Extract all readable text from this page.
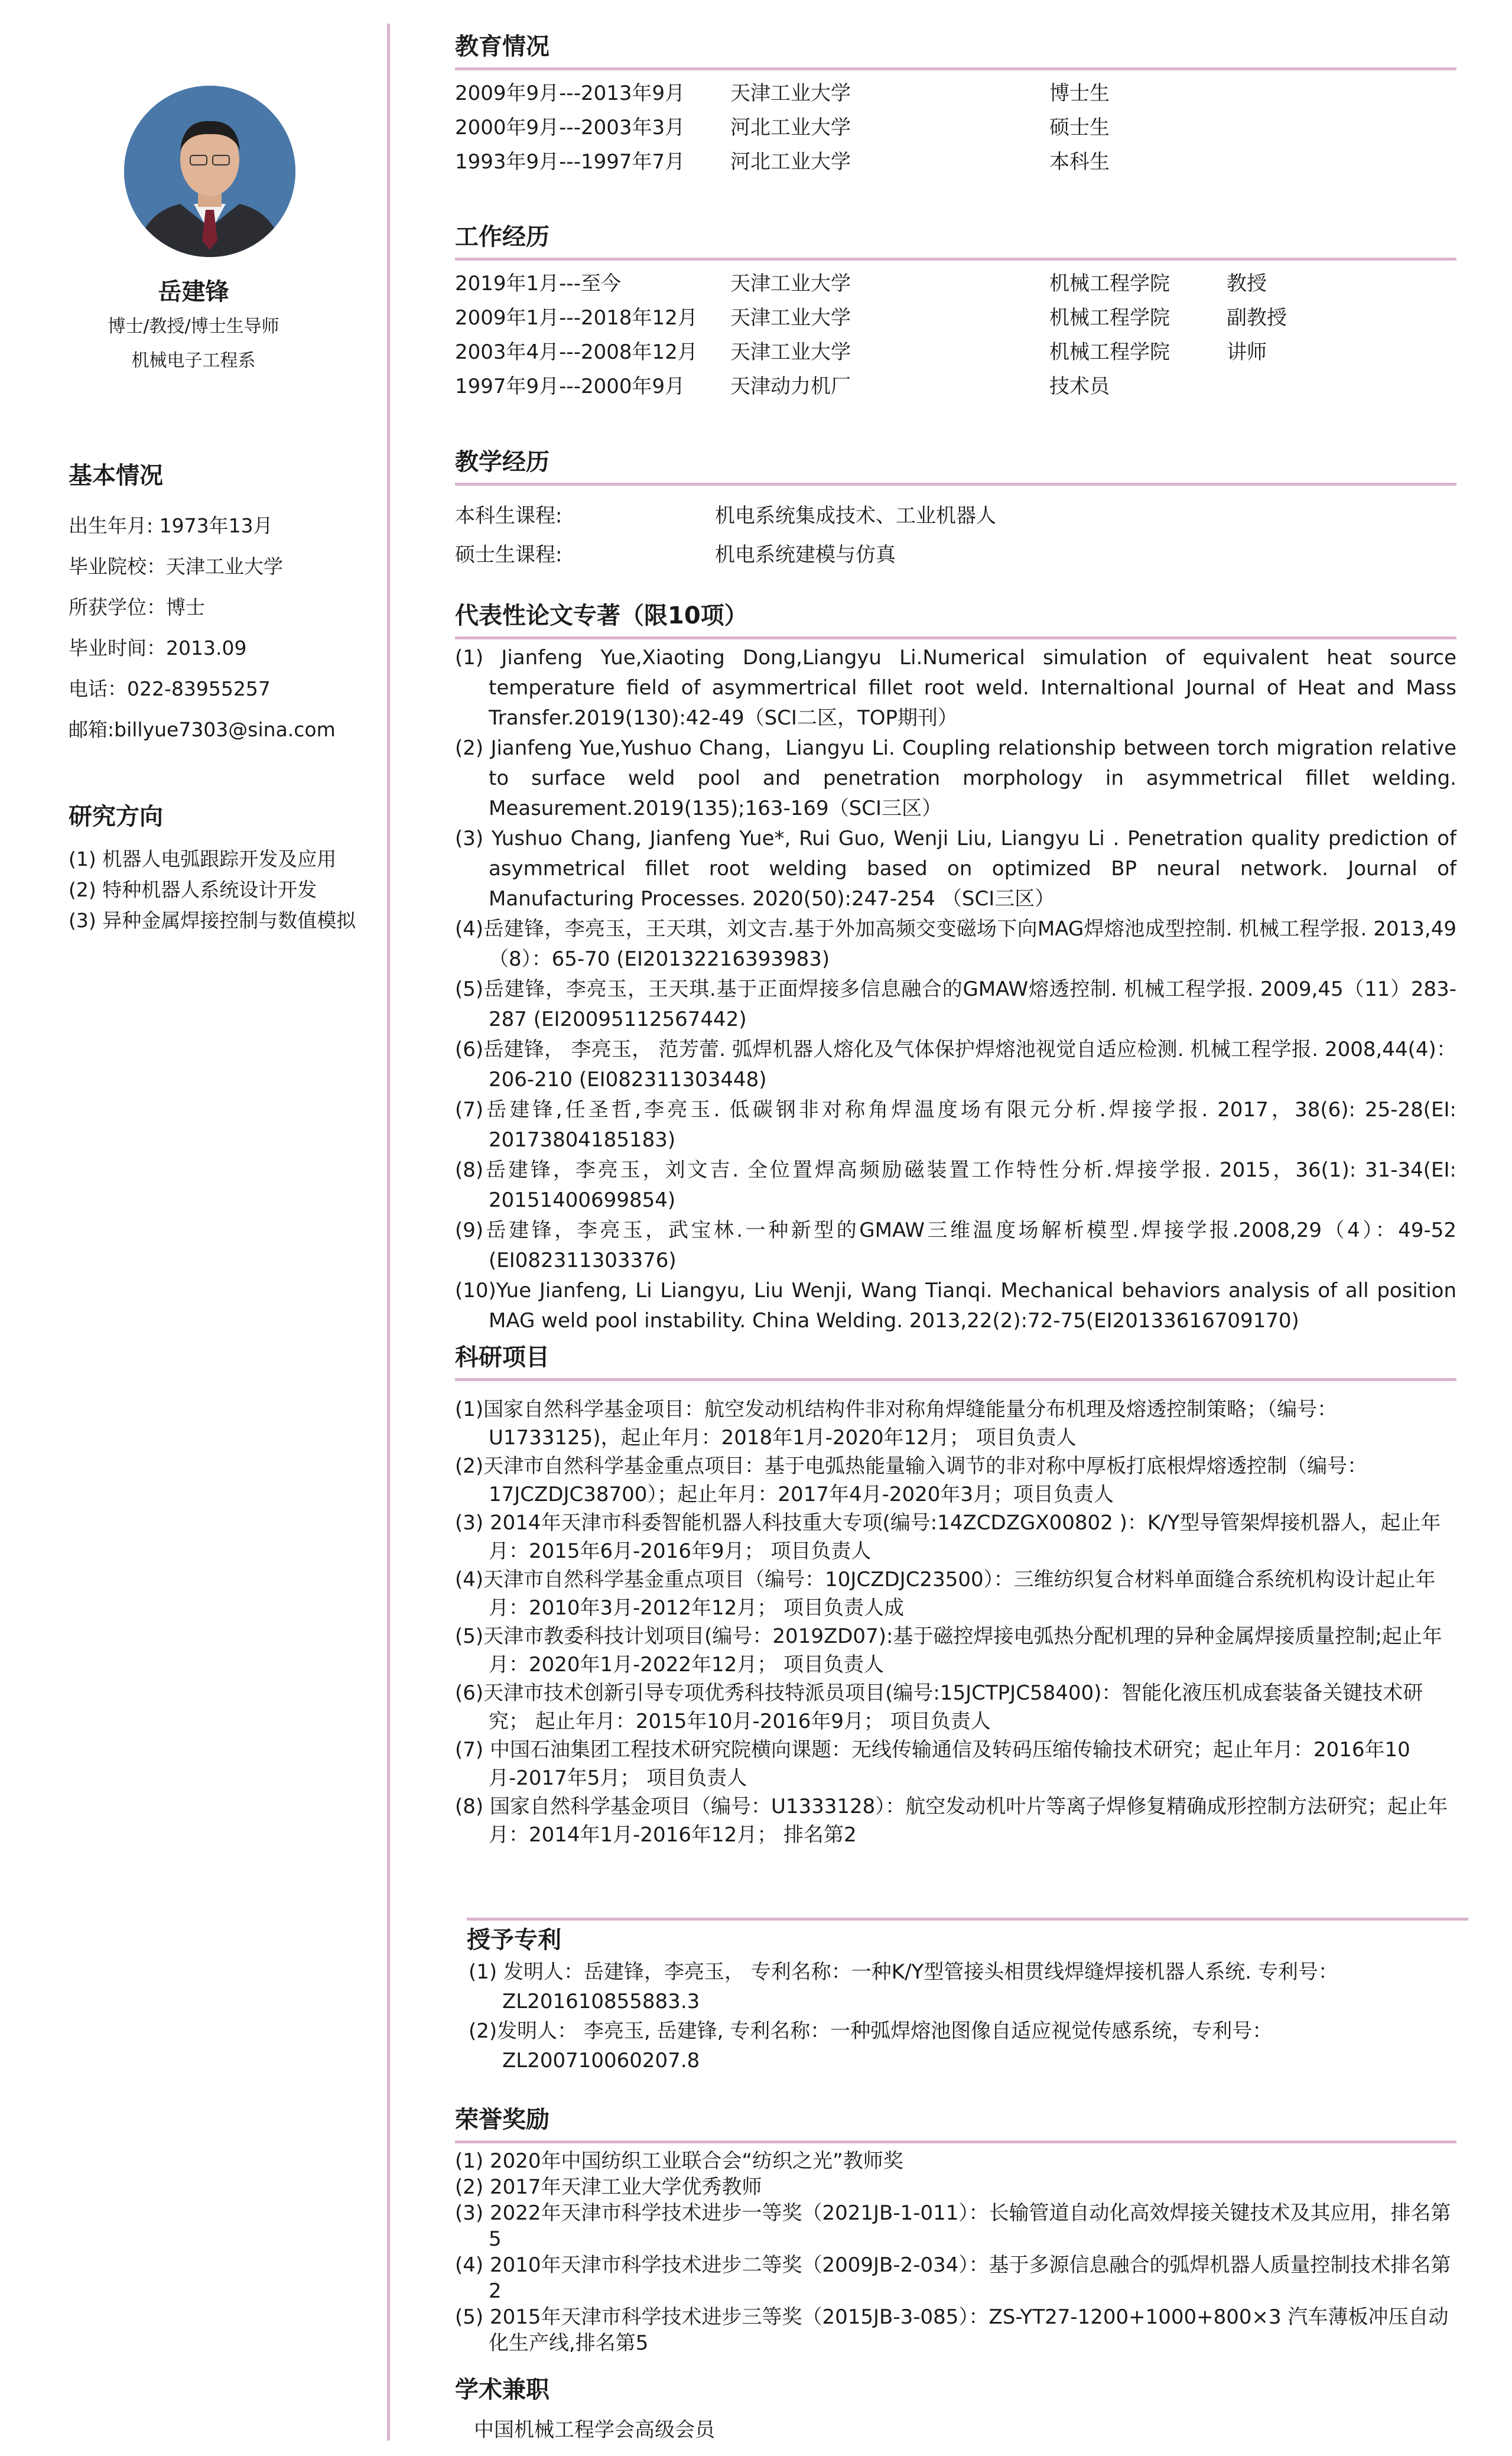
岳建锋
博士/教授/博士生导师
机械电子工程系
基本情况
出生年月: 1973年13月
毕业院校：天津工业大学
所获学位：博士
毕业时间：2013.09
电话：022-83955257
邮箱:billyue7303@sina.com
研究方向
(1) 机器人电弧跟踪开发及应用
(2) 特种机器人系统设计开发
(3) 异种金属焊接控制与数值模拟
教育情况
2009年9月---2013年9月 天津工业大学	博士生
2000年9月---2003年3月 河北工业大学	硕士生
1993年9月---1997年7月 河北工业大学	本科生
工作经历
2019年1月---至今	天津工业大学	机械工程学院	教授
2009年1月---2018年12月 天津工业大学	机械工程学院	副教授
2003年4月---2008年12月 天津工业大学	机械工程学院	讲师
1997年9月---2000年9月 天津动力机厂	技术员
教学经历
本科生课程:	机电系统集成技术、工业机器人
硕士生课程:	机电系统建模与仿真
代表性论文专著（限10项）

(1) Jianfeng Yue,Xiaoting Dong,Liangyu Li.Numerical simulation of equivalent heat source temperature field of asymmertrical fillet root weld. Internaltional Journal of Heat and Mass Transfer.2019(130):42-49（SCI二区，TOP期刊）

(2) Jianfeng Yue,Yushuo Chang，Liangyu Li. Coupling relationship between torch migration relative to surface weld pool and penetration morphology in asymmetrical fillet welding. Measurement.2019(135);163-169（SCI三区）

(3) Yushuo Chang, Jianfeng Yue*, Rui Guo, Wenji Liu, Liangyu Li . Penetration quality prediction of asymmetrical fillet root welding based on optimized BP neural network. Journal of Manufacturing Processes. 2020(50):247-254 （SCI三区）

(4)岳建锋，李亮玉，王天琪，刘文吉.基于外加高频交变磁场下向MAG焊熔池成型控制. 机械工程学报. 2013,49（8）：65-70 (EI20132216393983)

(5)岳建锋，李亮玉，王天琪.基于正面焊接多信息融合的GMAW熔透控制. 机械工程学报. 2009,45（11）283-287 (EI20095112567442)

(6)岳建锋， 李亮玉， 范芳蕾. 弧焊机器人熔化及气体保护焊熔池视觉自适应检测. 机械工程学报. 2008,44(4)：206-210 (EI082311303448)

(7)岳建锋,任圣哲,李亮玉. 低碳钢非对称角焊温度场有限元分析.焊接学报. 2017，38(6): 25-28(EI: 20173804185183)

(8)岳建锋，李亮玉，刘文吉. 全位置焊高频励磁装置工作特性分析.焊接学报. 2015，36(1): 31-34(EI: 20151400699854)

(9)岳建锋，李亮玉，武宝林.一种新型的GMAW三维温度场解析模型.焊接学报.2008,29（4）：49-52 (EI082311303376)

(10)Yue Jianfeng, Li Liangyu, Liu Wenji, Wang Tianqi. Mechanical behaviors analysis of all position MAG weld pool instability. China Welding. 2013,22(2):72-75(EI20133616709170)

科研项目

(1)国家自然科学基金项目：航空发动机结构件非对称角焊缝能量分布机理及熔透控制策略；（编号：U1733125)，起止年月：2018年1月-2020年12月； 项目负责人

(2)天津市自然科学基金重点项目：基于电弧热能量输入调节的非对称中厚板打底根焊熔透控制（编号：17JCZDJC38700）；起止年月：2017年4月-2020年3月；项目负责人

(3) 2014年天津市科委智能机器人科技重大专项(编号:14ZCDZGX00802 )：K/Y型导管架焊接机器人，起止年月：2015年6月-2016年9月； 项目负责人

(4)天津市自然科学基金重点项目（编号：10JCZDJC23500）：三维纺织复合材料单面缝合系统机构设计起止年月：2010年3月-2012年12月； 项目负责人成

(5)天津市教委科技计划项目(编号：2019ZD07):基于磁控焊接电弧热分配机理的异种金属焊接质量控制;起止年月：2020年1月-2022年12月； 项目负责人

(6)天津市技术创新引导专项优秀科技特派员项目(编号:15JCTPJC58400)：智能化液压机成套装备关键技术研究； 起止年月：2015年10月-2016年9月； 项目负责人

(7) 中国石油集团工程技术研究院横向课题：无线传输通信及转码压缩传输技术研究；起止年月：2016年10月-2017年5月； 项目负责人

(8) 国家自然科学基金项目（编号：U1333128）：航空发动机叶片等离子焊修复精确成形控制方法研究；起止年月：2014年1月-2016年12月； 排名第2

授予专利

(1) 发明人：岳建锋，李亮玉， 专利名称：一种K/Y型管接头相贯线焊缝焊接机器人系统. 专利号：ZL201610855883.3

(2)发明人： 李亮玉, 岳建锋, 专利名称：一种弧焊熔池图像自适应视觉传感系统，专利号：ZL200710060207.8

荣誉奖励

(1) 2020年中国纺织工业联合会“纺织之光”教师奖

(2) 2017年天津工业大学优秀教师

(3) 2022年天津市科学技术进步一等奖（2021JB-1-011）：长输管道自动化高效焊接关键技术及其应用，排名第5

(4) 2010年天津市科学技术进步二等奖（2009JB-2-034）：基于多源信息融合的弧焊机器人质量控制技术排名第2

(5) 2015年天津市科学技术进步三等奖（2015JB-3-085）：ZS-YT27-1200+1000+800×3 汽车薄板冲压自动化生产线,排名第5

学术兼职
中国机械工程学会高级会员
